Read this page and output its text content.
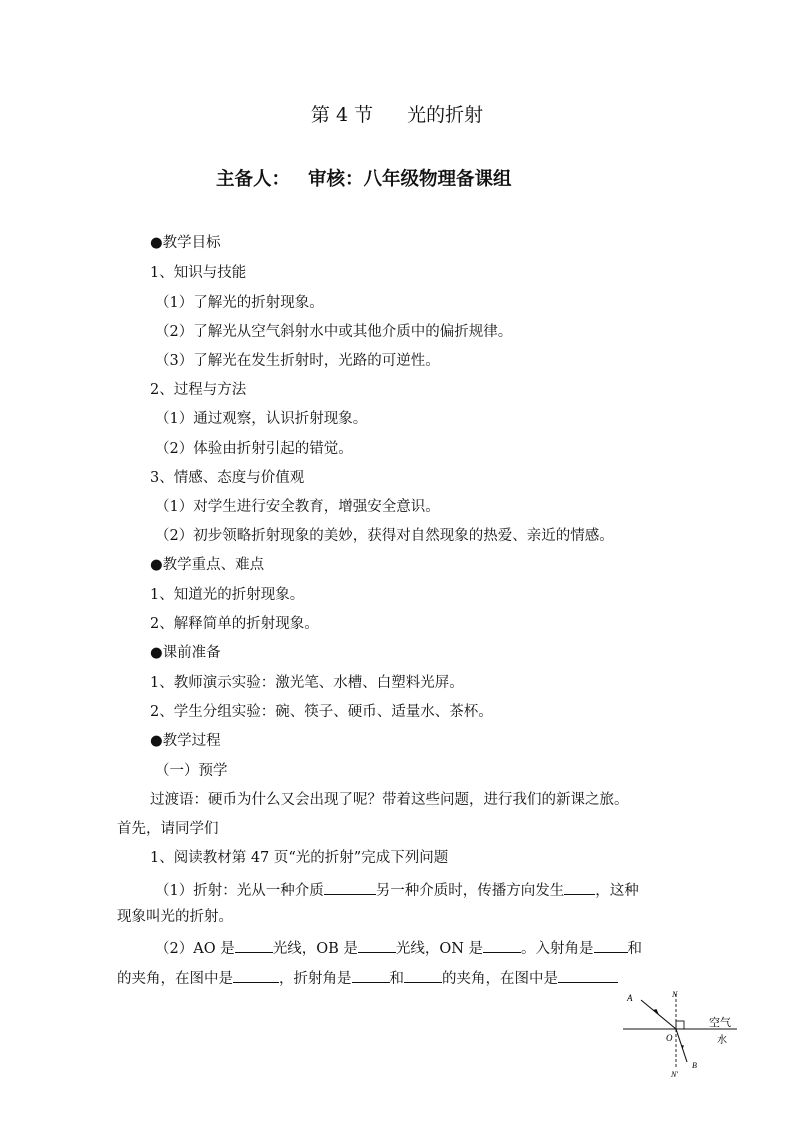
第 4 节 光的折射
主备人： 审核：八年级物理备课组
●教学目标
1、知识与技能
（1）了解光的折射现象。
（2）了解光从空气斜射水中或其他介质中的偏折规律。
（3）了解光在发生折射时，光路的可逆性。
2、过程与方法
（1）通过观察，认识折射现象。
（2）体验由折射引起的错觉。
3、情感、态度与价值观
（1）对学生进行安全教育，增强安全意识。
（2）初步领略折射现象的美妙，获得对自然现象的热爱、亲近的情感。
●教学重点、难点
1、知道光的折射现象。
2、解释简单的折射现象。
●课前准备
1、教师演示实验：激光笔、水槽、白塑料光屏。
2、学生分组实验：碗、筷子、硬币、适量水、茶杯。
●教学过程
（一）预学
过渡语：硬币为什么又会出现了呢？带着这些问题，进行我们的新课之旅。
首先，请同学们
1、阅读教材第 47 页“光的折射”完成下列问题
（1）折射：光从一种介质	另一种介质时，传播方向发生 ，这种
现象叫光的折射。
（2）AO 是	光线，OB 是	光线，ON 是	。入射角是 和
的夹角，在图中是	，折射角是	和	的夹角，在图中是
A	N
O
B
N'
空气
水
